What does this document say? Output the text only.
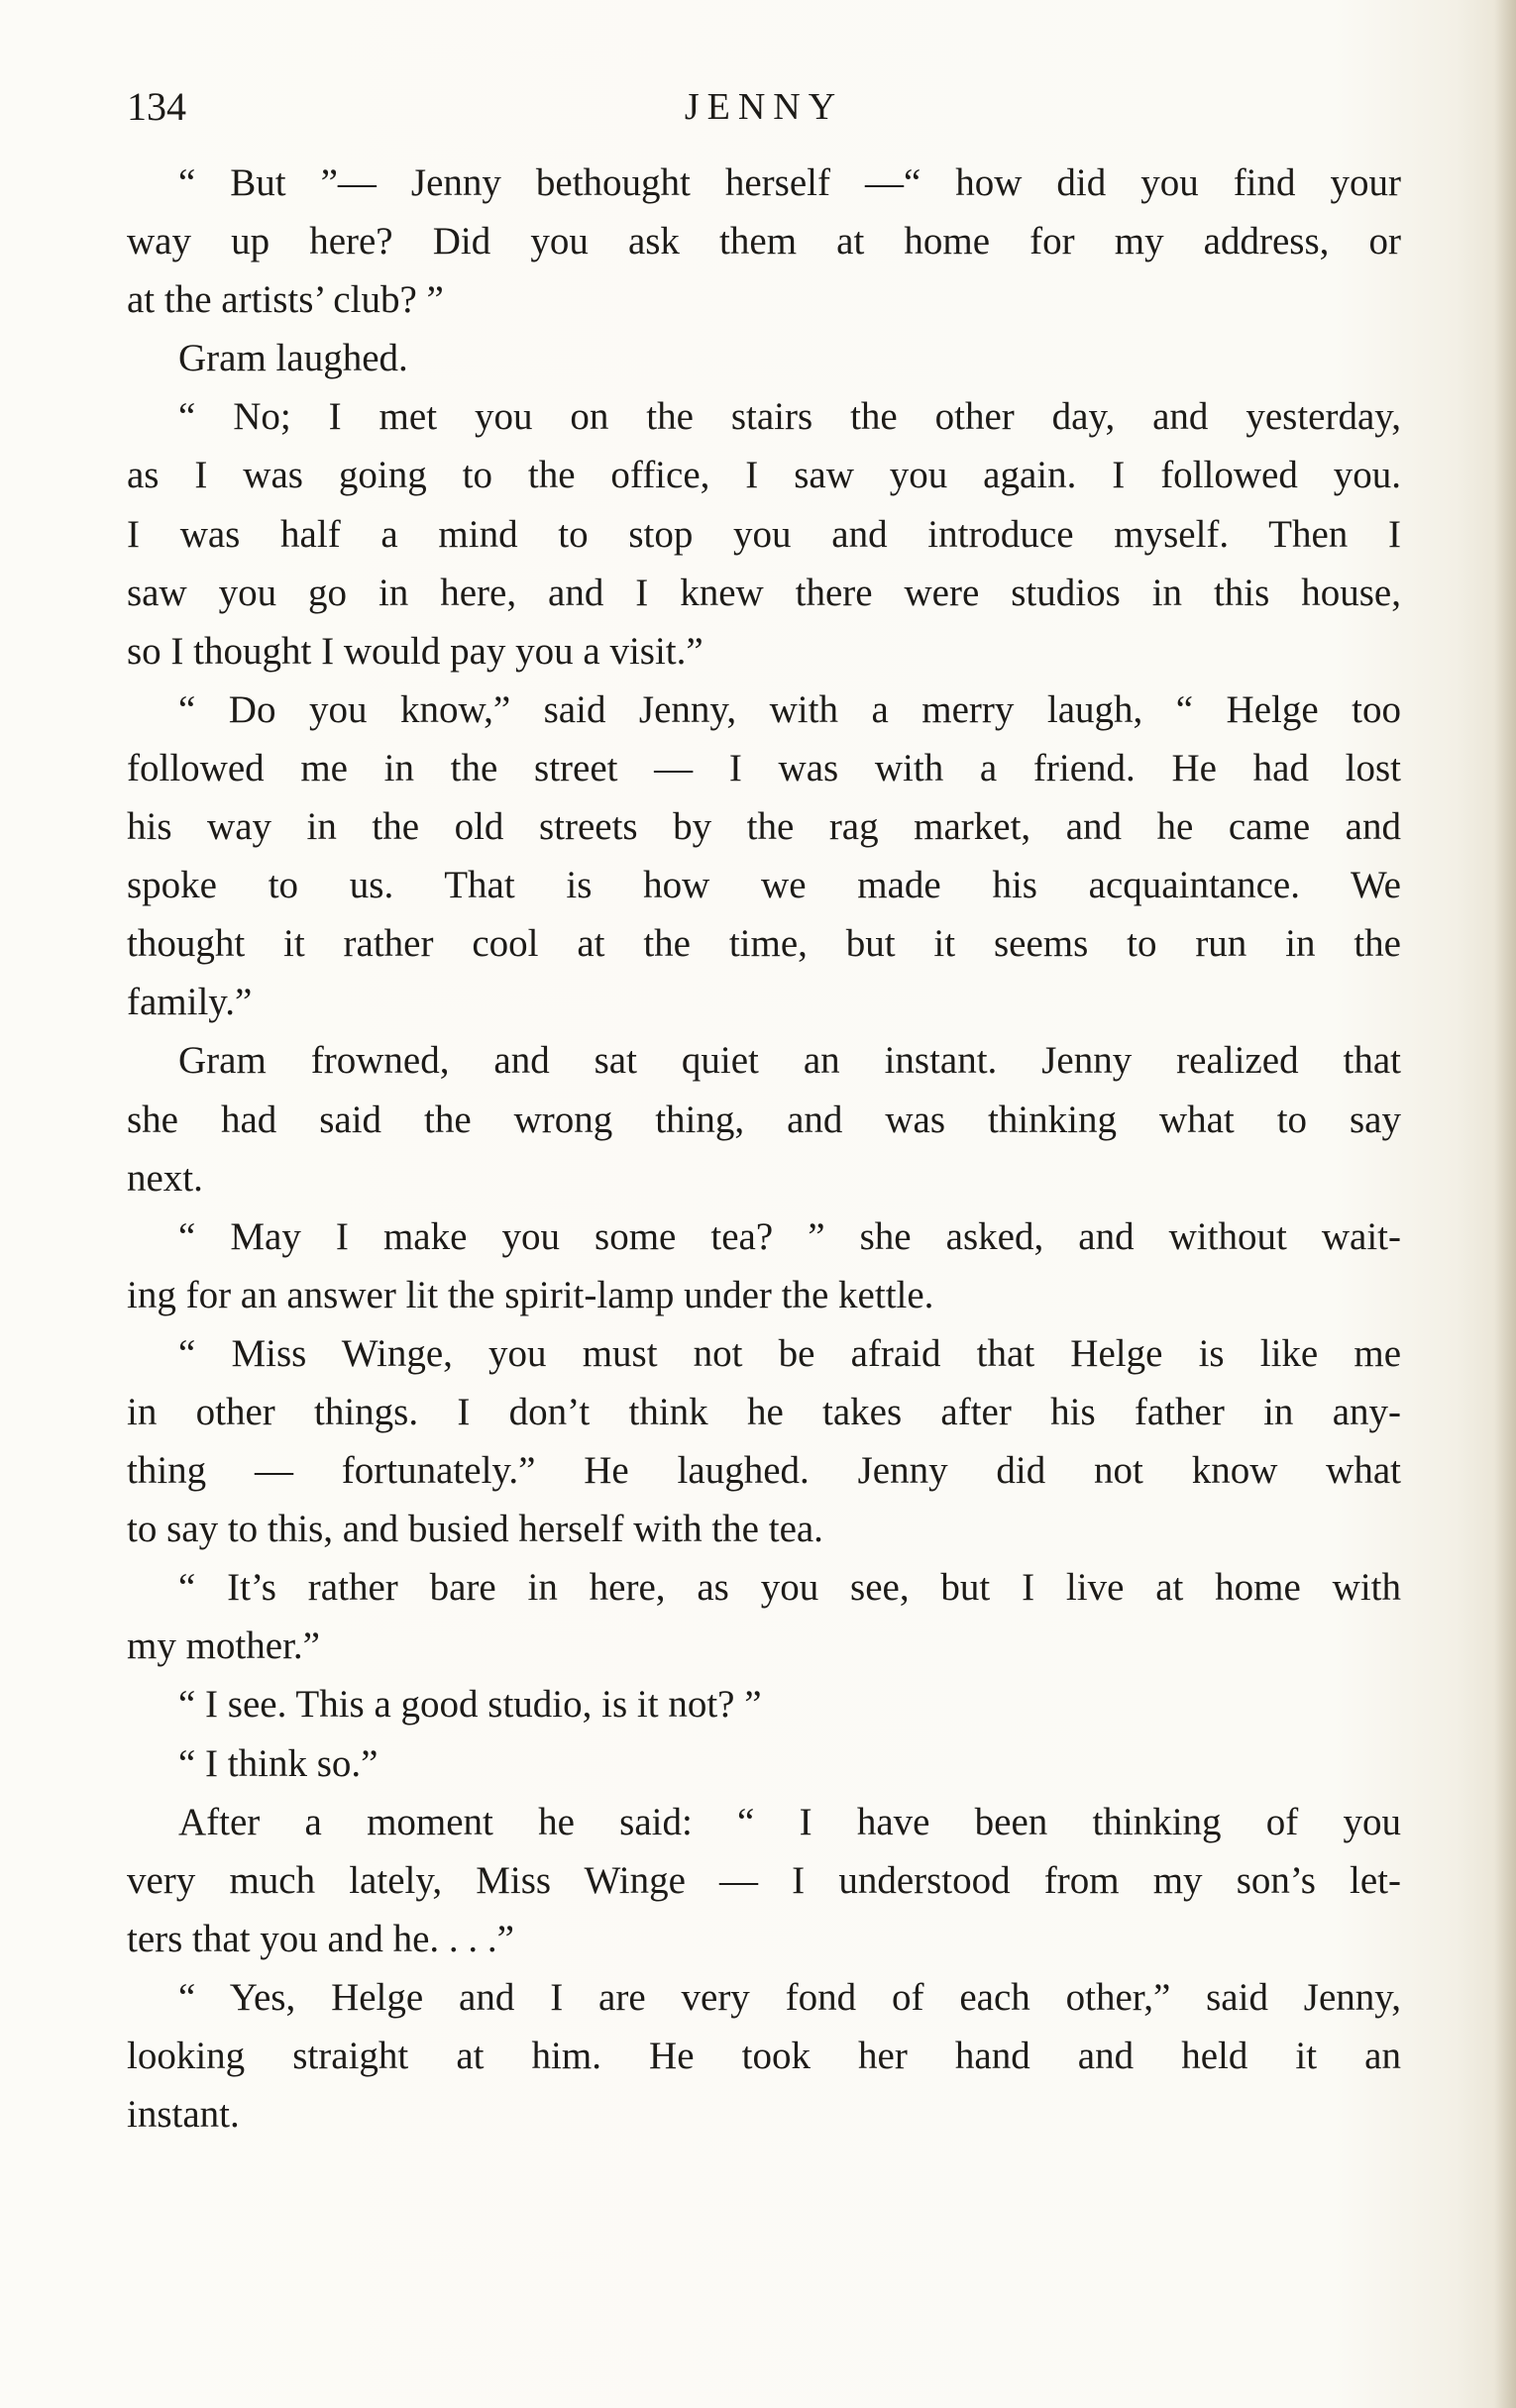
134	JENNY
“ But ”— Jenny bethought herself —“ how did you find your
way up here? Did you ask them at home for my address, or
at the artists’ club? ”
Gram laughed.
“ No; I met you on the stairs the other day, and yesterday,
as I was going to the office, I saw you again. I followed you.
I was half a mind to stop you and introduce myself. Then I
saw you go in here, and I knew there were studios in this house,
so I thought I would pay you a visit.”
“ Do you know,” said Jenny, with a merry laugh, “ Helge too
followed me in the street — I was with a friend. He had lost
his way in the old streets by the rag market, and he came and
spoke to us. That is how we made his acquaintance. We
thought it rather cool at the time, but it seems to run in the
family.”
Gram frowned, and sat quiet an instant. Jenny realized that
she had said the wrong thing, and was thinking what to say
next.
“ May I make you some tea? ” she asked, and without wait-
ing for an answer lit the spirit-lamp under the kettle.
“ Miss Winge, you must not be afraid that Helge is like me
in other things. I don’t think he takes after his father in any-
thing — fortunately.” He laughed. Jenny did not know what
to say to this, and busied herself with the tea.
“ It’s rather bare in here, as you see, but I live at home with
my mother.”
“ I see. This a good studio, is it not? ”
“ I think so.”
After a moment he said: “ I have been thinking of you
very much lately, Miss Winge — I understood from my son’s let-
ters that you and he. . . .”
“ Yes, Helge and I are very fond of each other,” said Jenny,
looking straight at him. He took her hand and held it an
instant.
